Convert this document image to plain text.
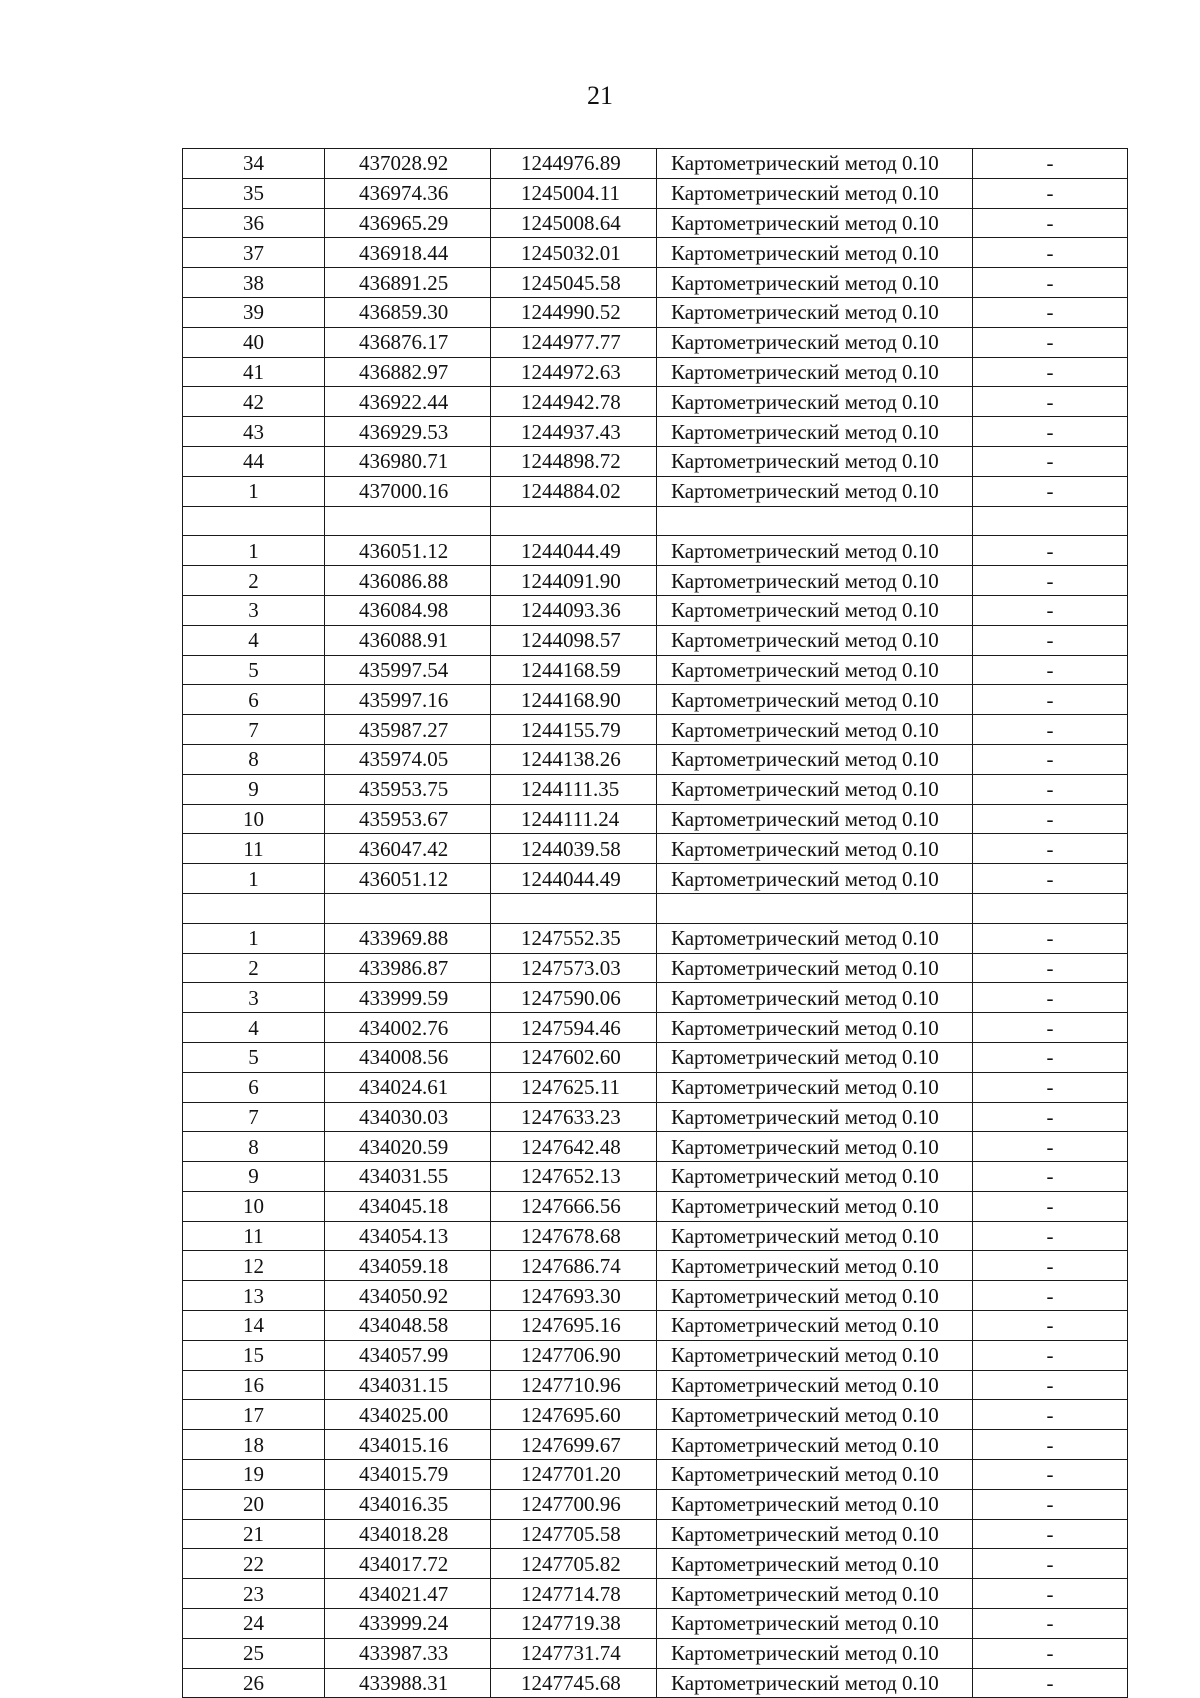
21
34	437028.92	1244976.89	Картометрический метод 0.10	-
35	436974.36	1245004.11	Картометрический метод 0.10	-
36	436965.29	1245008.64	Картометрический метод 0.10	-
37	436918.44	1245032.01	Картометрический метод 0.10	-
38	436891.25	1245045.58	Картометрический метод 0.10	-
39	436859.30	1244990.52	Картометрический метод 0.10	-
40	436876.17	1244977.77	Картометрический метод 0.10	-
41	436882.97	1244972.63	Картометрический метод 0.10	-
42	436922.44	1244942.78	Картометрический метод 0.10	-
43	436929.53	1244937.43	Картометрический метод 0.10	-
44	436980.71	1244898.72	Картометрический метод 0.10	-
1	437000.16	1244884.02	Картометрический метод 0.10	-

1	436051.12	1244044.49	Картометрический метод 0.10	-
2	436086.88	1244091.90	Картометрический метод 0.10	-
3	436084.98	1244093.36	Картометрический метод 0.10	-
4	436088.91	1244098.57	Картометрический метод 0.10	-
5	435997.54	1244168.59	Картометрический метод 0.10	-
6	435997.16	1244168.90	Картометрический метод 0.10	-
7	435987.27	1244155.79	Картометрический метод 0.10	-
8	435974.05	1244138.26	Картометрический метод 0.10	-
9	435953.75	1244111.35	Картометрический метод 0.10	-
10	435953.67	1244111.24	Картометрический метод 0.10	-
11	436047.42	1244039.58	Картометрический метод 0.10	-
1	436051.12	1244044.49	Картометрический метод 0.10	-

1	433969.88	1247552.35	Картометрический метод 0.10	-
2	433986.87	1247573.03	Картометрический метод 0.10	-
3	433999.59	1247590.06	Картометрический метод 0.10	-
4	434002.76	1247594.46	Картометрический метод 0.10	-
5	434008.56	1247602.60	Картометрический метод 0.10	-
6	434024.61	1247625.11	Картометрический метод 0.10	-
7	434030.03	1247633.23	Картометрический метод 0.10	-
8	434020.59	1247642.48	Картометрический метод 0.10	-
9	434031.55	1247652.13	Картометрический метод 0.10	-
10	434045.18	1247666.56	Картометрический метод 0.10	-
11	434054.13	1247678.68	Картометрический метод 0.10	-
12	434059.18	1247686.74	Картометрический метод 0.10	-
13	434050.92	1247693.30	Картометрический метод 0.10	-
14	434048.58	1247695.16	Картометрический метод 0.10	-
15	434057.99	1247706.90	Картометрический метод 0.10	-
16	434031.15	1247710.96	Картометрический метод 0.10	-
17	434025.00	1247695.60	Картометрический метод 0.10	-
18	434015.16	1247699.67	Картометрический метод 0.10	-
19	434015.79	1247701.20	Картометрический метод 0.10	-
20	434016.35	1247700.96	Картометрический метод 0.10	-
21	434018.28	1247705.58	Картометрический метод 0.10	-
22	434017.72	1247705.82	Картометрический метод 0.10	-
23	434021.47	1247714.78	Картометрический метод 0.10	-
24	433999.24	1247719.38	Картометрический метод 0.10	-
25	433987.33	1247731.74	Картометрический метод 0.10	-
26	433988.31	1247745.68	Картометрический метод 0.10	-
